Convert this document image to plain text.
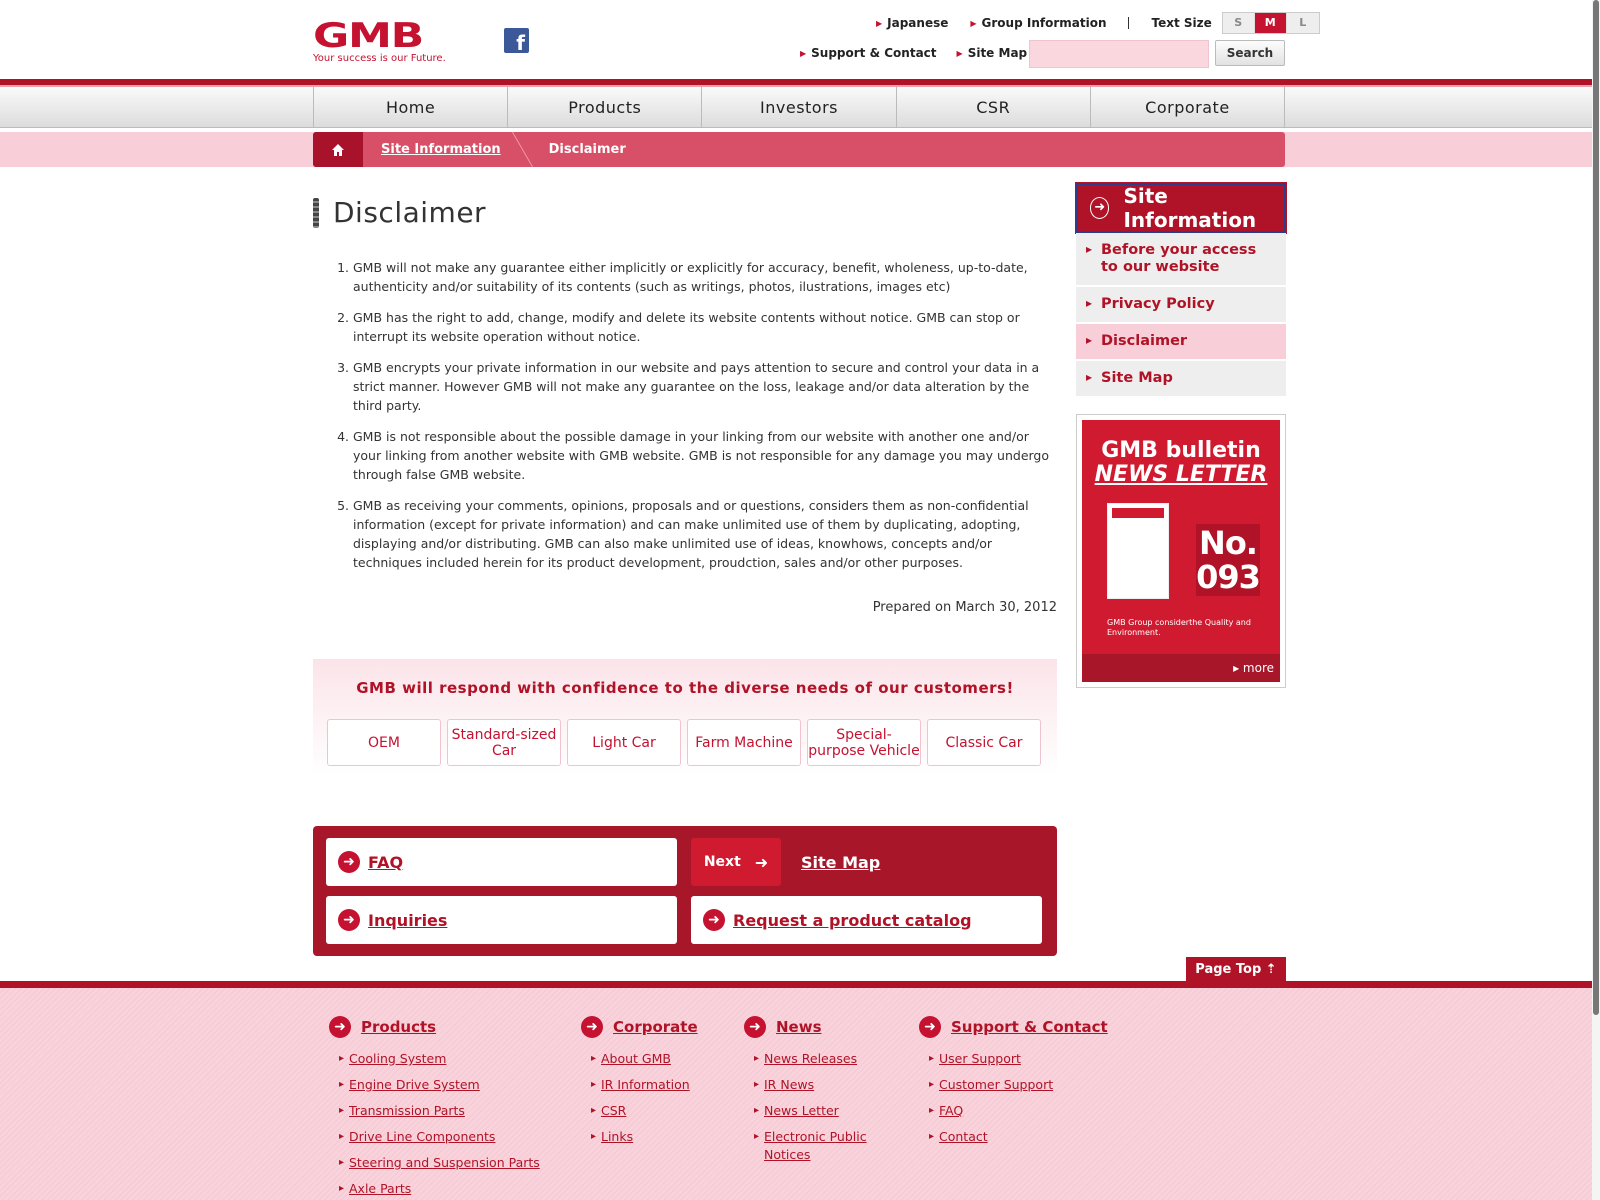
GMB
Your success is our Future.
f
▶ Japanese	▶ Group Information	Text Size	S	M	L
▶ Support & Contact	▶ Site Map	Search
Home	Products	Investors	CSR	Corporate
Site Information	Disclaimer
Disclaimer
1. GMB will not make any guarantee either implicitly or explicitly for accuracy, benefit, wholeness, up-to-date, authenticity and/or suitability of its contents (such as writings, photos, ilustrations, images etc)
2. GMB has the right to add, change, modify and delete its website contents without notice. GMB can stop or interrupt its website operation without notice.
3. GMB encrypts your private information in our website and pays attention to secure and control your data in a strict manner. However GMB will not make any guarantee on the loss, leakage and/or data alteration by the third party.
4. GMB is not responsible about the possible damage in your linking from our website with another one and/or your linking from another website with GMB website. GMB is not responsible for any damage you may undergo through false GMB website.
5. GMB as receiving your comments, opinions, proposals and or questions, considers them as non-confidential information (except for private information) and can make unlimited use of them by duplicating, adopting, displaying and/or distributing. GMB can also make unlimited use of ideas, knowhows, concepts and/or techniques included herein for its product development, proudction, sales and/or other purposes.
Prepared on March 30, 2012
GMB will respond with confidence to the diverse needs of our customers!
OEM	Standard-sized Car	Light Car	Farm Machine	Special-purpose Vehicle	Classic Car
➜ FAQ	Next ➜ Site Map
➜ Inquiries	➜ Request a product catalog
➜ Site Information
▸ Before your access to our website
▸ Privacy Policy
▸ Disclaimer
▸ Site Map
GMB bulletin
NEWS LETTER
No.
093
GMB Group considerthe Quality and Environment.
▸ more
Page Top ⇡
➜	Products
▸ Cooling System
▸ Engine Drive System
▸ Transmission Parts
▸ Drive Line Components
▸ Steering and Suspension Parts
▸ Axle Parts
➜	Corporate
▸ About GMB
▸ IR Information
▸ CSR
▸ Links
➜	News
▸ News Releases
▸ IR News
▸ News Letter
▸ Electronic Public Notices
➜	Support & Contact
▸ User Support
▸ Customer Support
▸ FAQ
▸ Contact
